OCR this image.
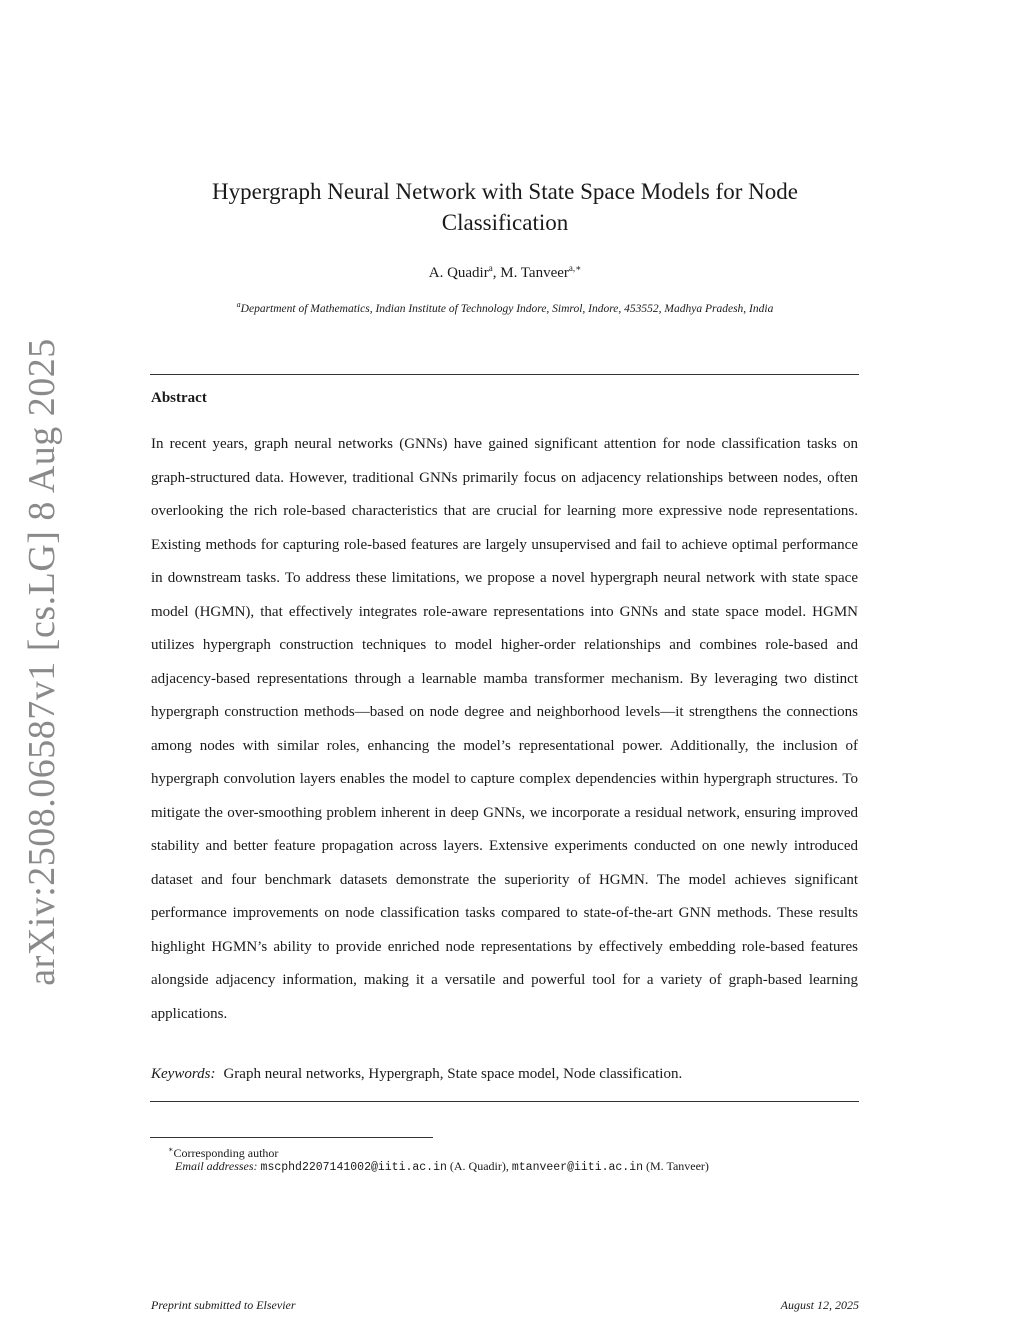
arXiv:2508.06587v1 [cs.LG] 8 Aug 2025
Hypergraph Neural Network with State Space Models for Node Classification
A. Quadir$^a$, M. Tanveer$^{a,∗}$
$^a$Department of Mathematics, Indian Institute of Technology Indore, Simrol, Indore, 453552, Madhya Pradesh, India
Abstract

In recent years, graph neural networks (GNNs) have gained significant attention for node classification tasks on graph-structured data. However, traditional GNNs primarily focus on adjacency relationships between nodes, often overlooking the rich role-based characteristics that are crucial for learning more expressive node representations. Existing methods for capturing role-based features are largely unsupervised and fail to achieve optimal performance in downstream tasks. To address these limitations, we propose a novel hypergraph neural network with state space model (HGMN), that effectively integrates role-aware representations into GNNs and state space model. HGMN utilizes hypergraph construction techniques to model higher-order relationships and combines role-based and adjacency-based representations through a learnable mamba transformer mechanism. By leveraging two distinct hypergraph construction methods—based on node degree and neighborhood levels—it strengthens the connections among nodes with similar roles, enhancing the model’s representational power. Additionally, the inclusion of hypergraph convolution layers enables the model to capture complex dependencies within hypergraph structures. To mitigate the over-smoothing problem inherent in deep GNNs, we incorporate a residual network, ensuring improved stability and better feature propagation across layers. Extensive experiments conducted on one newly introduced dataset and four benchmark datasets demonstrate the superiority of HGMN. The model achieves significant performance improvements on node classification tasks compared to state-of-the-art GNN methods. These results highlight HGMN’s ability to provide enriched node representations by effectively embedding role-based features alongside adjacency information, making it a versatile and powerful tool for a variety of graph-based learning applications.

Keywords: Graph neural networks, Hypergraph, State space model, Node classification.
∗Corresponding author
Email addresses: mscphd2207141002@iiti.ac.in (A. Quadir), mtanveer@iiti.ac.in (M. Tanveer)
Preprint submitted to Elsevier	August 12, 2025
